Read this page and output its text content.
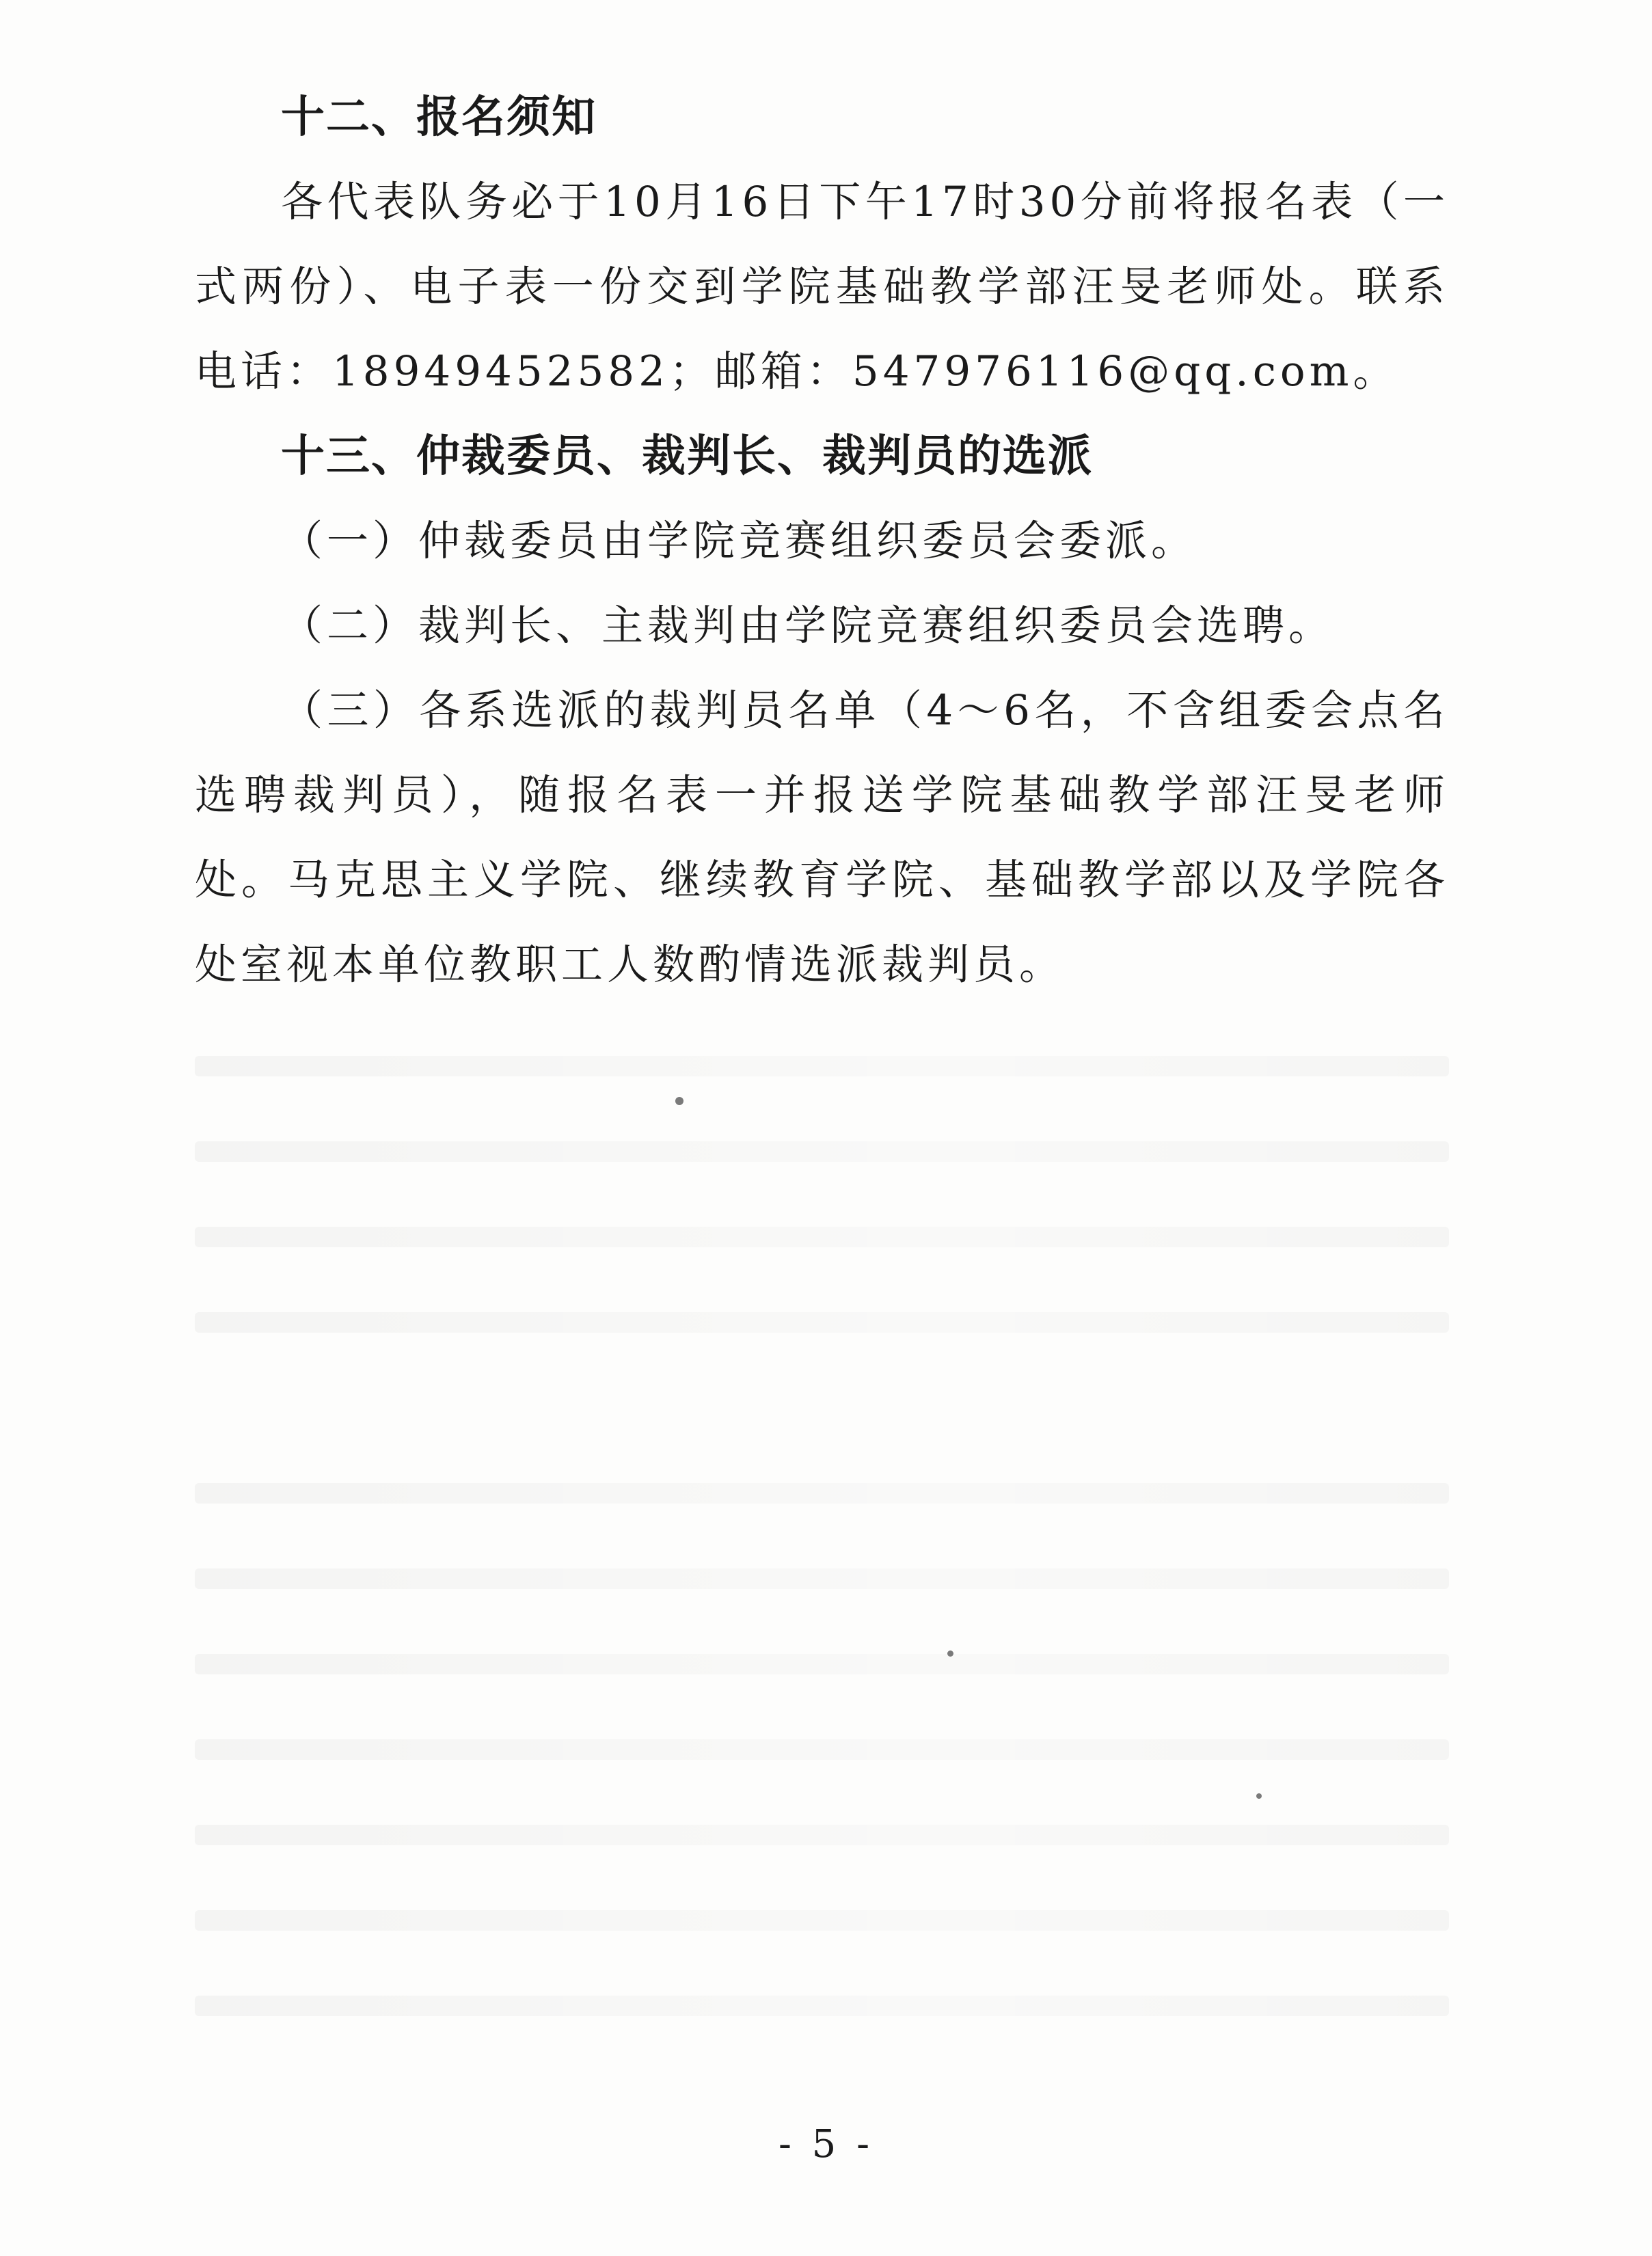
十二、报名须知

各代表队务必于10月16日下午17时30分前将报名表（一式两份）、电子表一份交到学院基础教学部汪旻老师处。联系电话：18949452582；邮箱：547976116@qq.com。

十三、仲裁委员、裁判长、裁判员的选派

（一）仲裁委员由学院竞赛组织委员会委派。

（二）裁判长、主裁判由学院竞赛组织委员会选聘。

（三）各系选派的裁判员名单（4～6名，不含组委会点名选聘裁判员），随报名表一并报送学院基础教学部汪旻老师处。马克思主义学院、继续教育学院、基础教学部以及学院各处室视本单位教职工人数酌情选派裁判员。

- 5 -
